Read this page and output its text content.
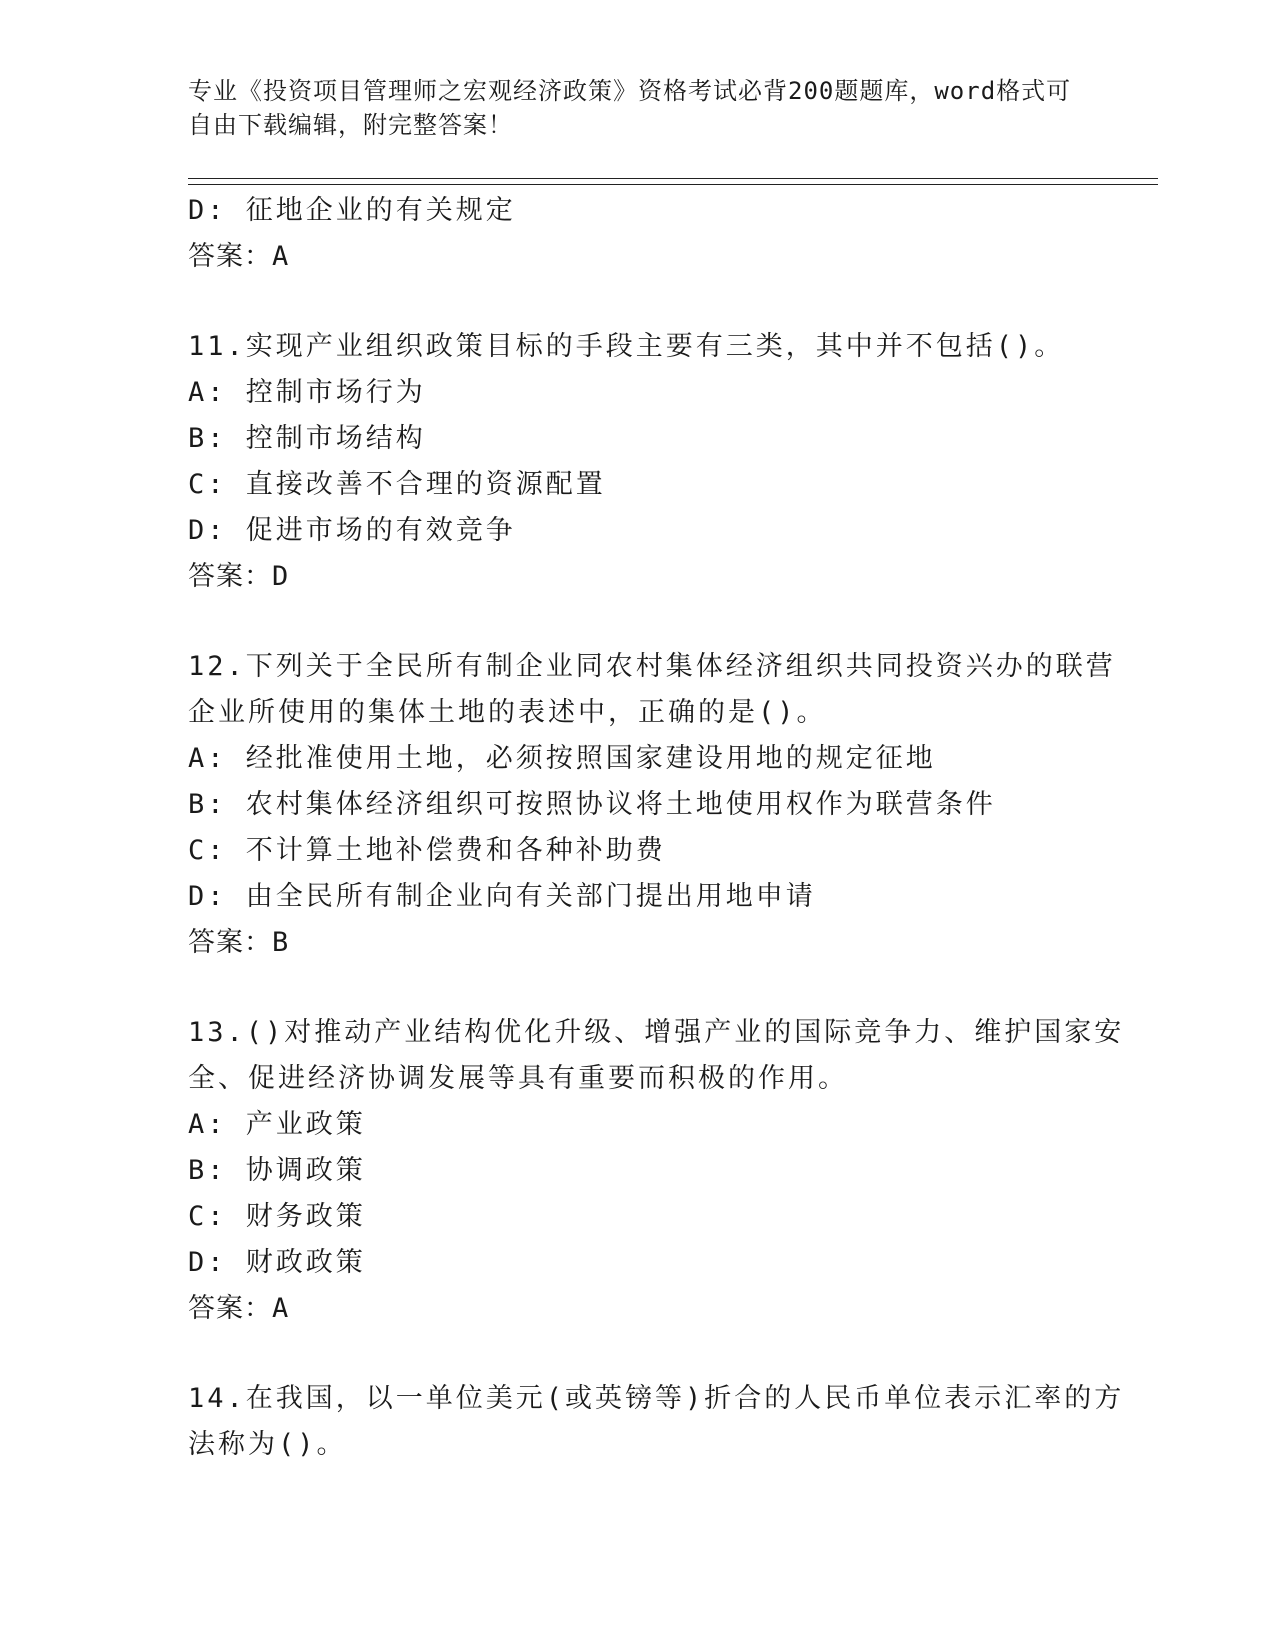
专业《投资项目管理师之宏观经济政策》资格考试必背200题题库，word格式可
自由下载编辑，附完整答案！
D: 征地企业的有关规定
答案：A
11.实现产业组织政策目标的手段主要有三类，其中并不包括()。
A: 控制市场行为
B: 控制市场结构
C: 直接改善不合理的资源配置
D: 促进市场的有效竞争
答案：D
12.下列关于全民所有制企业同农村集体经济组织共同投资兴办的联营
企业所使用的集体土地的表述中，正确的是()。
A: 经批准使用土地，必须按照国家建设用地的规定征地
B: 农村集体经济组织可按照协议将土地使用权作为联营条件
C: 不计算土地补偿费和各种补助费
D: 由全民所有制企业向有关部门提出用地申请
答案：B
13.()对推动产业结构优化升级、增强产业的国际竞争力、维护国家安
全、促进经济协调发展等具有重要而积极的作用。
A: 产业政策
B: 协调政策
C: 财务政策
D: 财政政策
答案：A
14.在我国，以一单位美元(或英镑等)折合的人民币单位表示汇率的方
法称为()。
